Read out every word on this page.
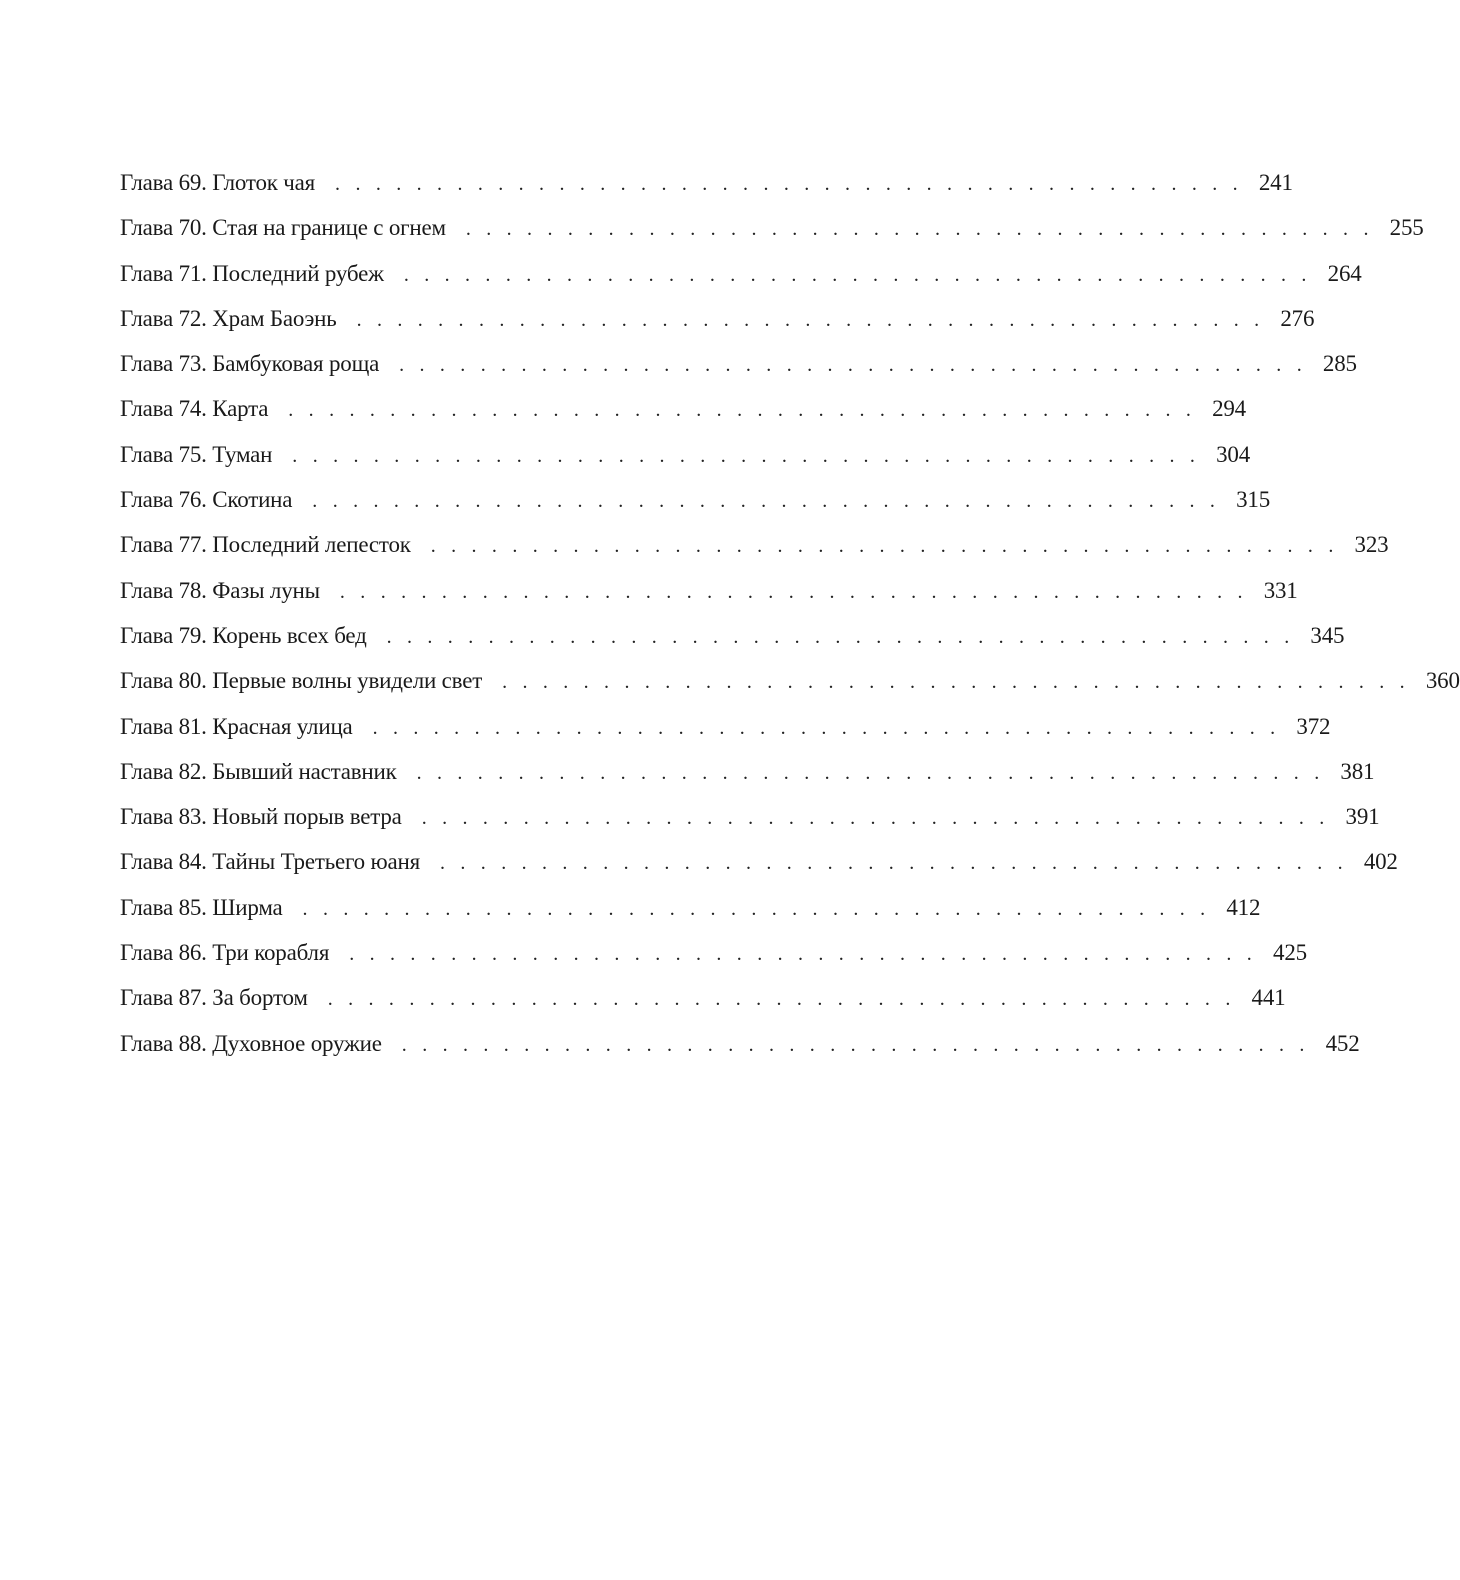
Глава 69. Глоток чая . . . . . . . . . . . . . . . . . . . . . . . . . . . . . . . . . . . . . . . . . . . . . 241
Глава 70. Стая на границе с огнем . . . . . . . . . . . . . . . . . . . . . . . . . . . . . . . . . . . . . . . . . . . . . 255
Глава 71. Последний рубеж . . . . . . . . . . . . . . . . . . . . . . . . . . . . . . . . . . . . . . . . . . . . . 264
Глава 72. Храм Баоэнь . . . . . . . . . . . . . . . . . . . . . . . . . . . . . . . . . . . . . . . . . . . . . 276
Глава 73. Бамбуковая роща . . . . . . . . . . . . . . . . . . . . . . . . . . . . . . . . . . . . . . . . . . . . . 285
Глава 74. Карта . . . . . . . . . . . . . . . . . . . . . . . . . . . . . . . . . . . . . . . . . . . . . 294
Глава 75. Туман . . . . . . . . . . . . . . . . . . . . . . . . . . . . . . . . . . . . . . . . . . . . . 304
Глава 76. Скотина . . . . . . . . . . . . . . . . . . . . . . . . . . . . . . . . . . . . . . . . . . . . . 315
Глава 77. Последний лепесток . . . . . . . . . . . . . . . . . . . . . . . . . . . . . . . . . . . . . . . . . . . . . 323
Глава 78. Фазы луны . . . . . . . . . . . . . . . . . . . . . . . . . . . . . . . . . . . . . . . . . . . . . 331
Глава 79. Корень всех бед . . . . . . . . . . . . . . . . . . . . . . . . . . . . . . . . . . . . . . . . . . . . . 345
Глава 80. Первые волны увидели свет . . . . . . . . . . . . . . . . . . . . . . . . . . . . . . . . . . . . . . . . . . . . . 360
Глава 81. Красная улица . . . . . . . . . . . . . . . . . . . . . . . . . . . . . . . . . . . . . . . . . . . . . 372
Глава 82. Бывший наставник . . . . . . . . . . . . . . . . . . . . . . . . . . . . . . . . . . . . . . . . . . . . . 381
Глава 83. Новый порыв ветра . . . . . . . . . . . . . . . . . . . . . . . . . . . . . . . . . . . . . . . . . . . . . 391
Глава 84. Тайны Третьего юаня . . . . . . . . . . . . . . . . . . . . . . . . . . . . . . . . . . . . . . . . . . . . . 402
Глава 85. Ширма . . . . . . . . . . . . . . . . . . . . . . . . . . . . . . . . . . . . . . . . . . . . . 412
Глава 86. Три корабля . . . . . . . . . . . . . . . . . . . . . . . . . . . . . . . . . . . . . . . . . . . . . 425
Глава 87. За бортом . . . . . . . . . . . . . . . . . . . . . . . . . . . . . . . . . . . . . . . . . . . . . 441
Глава 88. Духовное оружие . . . . . . . . . . . . . . . . . . . . . . . . . . . . . . . . . . . . . . . . . . . . . 452
